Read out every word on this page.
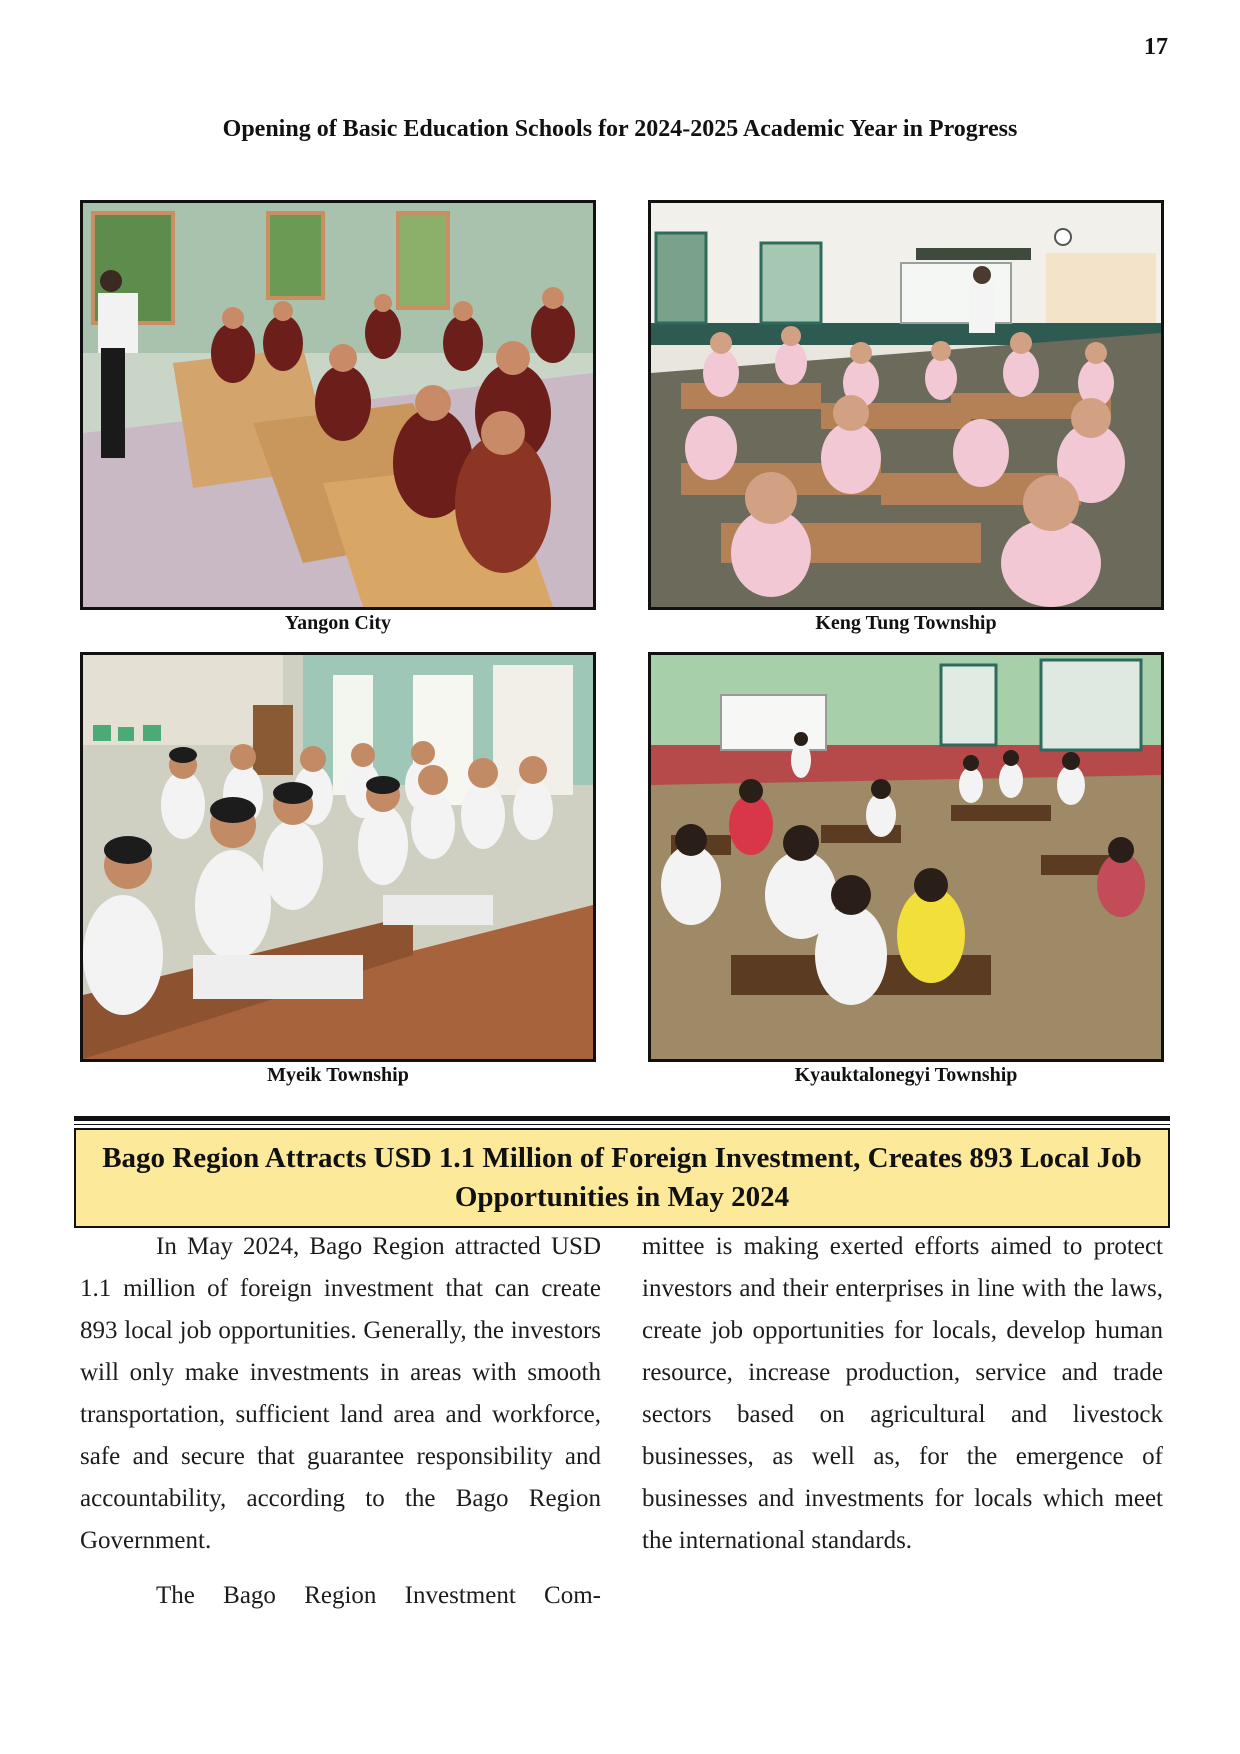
17
Opening of Basic Education Schools for 2024-2025 Academic Year in Progress
Yangon City	Keng Tung Township
Myeik Township	Kyauktalonegyi Township
Bago Region Attracts USD 1.1 Million of Foreign Investment, Creates 893 Local Job Opportunities in May 2024

In May 2024, Bago Region attracted USD 1.1 million of foreign investment that can create 893 local job opportunities. Generally, the investors will only make investments in areas with smooth transportation, sufficient land area and workforce, safe and secure that guarantee responsibility and accountability, according to the Bago Region Government.

The Bago Region Investment Com-

mittee is making exerted efforts aimed to protect investors and their enterprises in line with the laws, create job opportunities for locals, develop human resource, increase production, service and trade sectors based on agricultural and livestock businesses, as well as, for the emergence of businesses and investments for locals which meet the international standards.
